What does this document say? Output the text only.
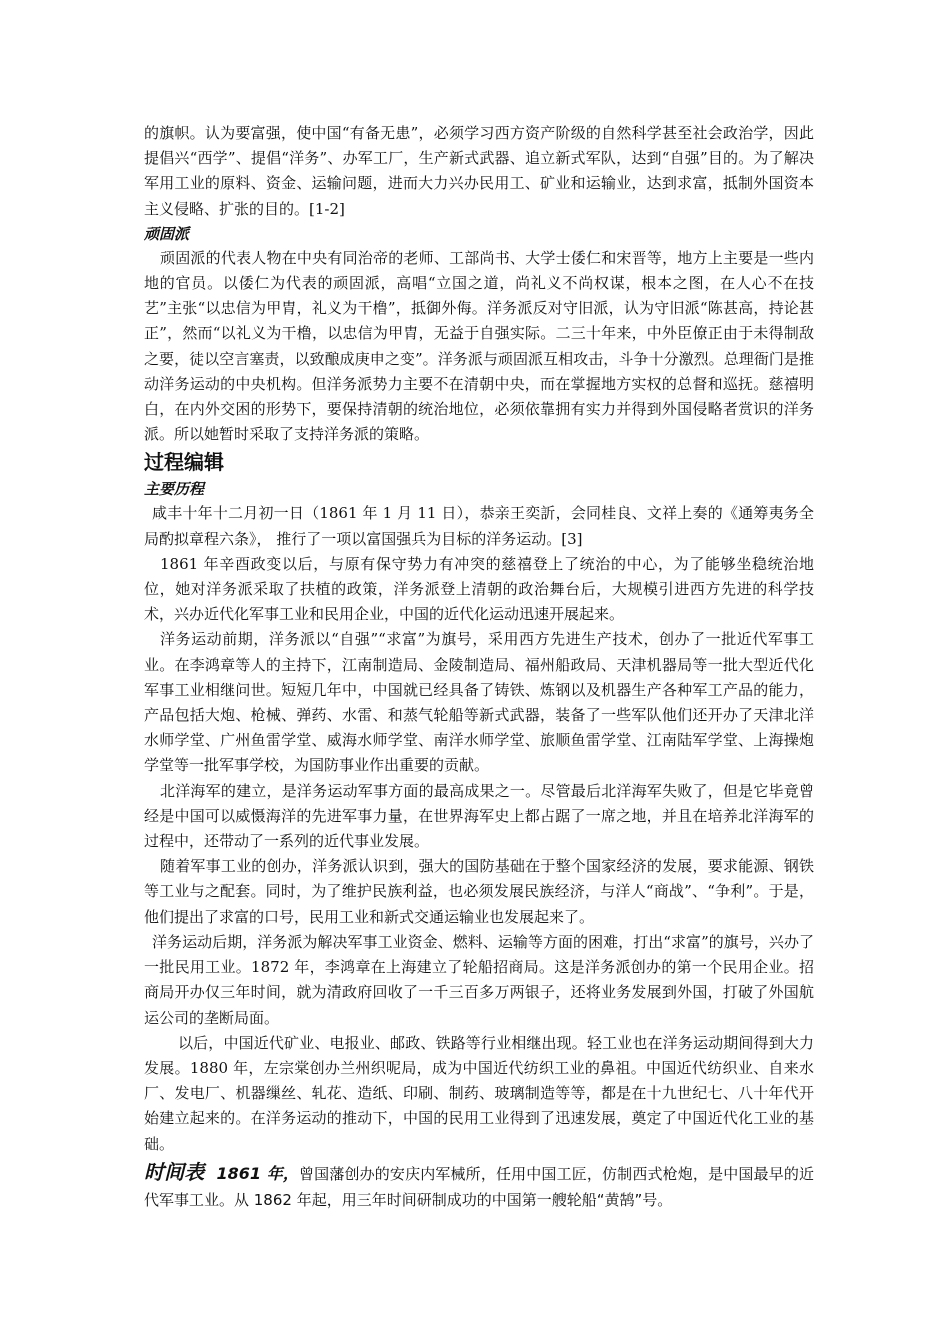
的旗帜。认为要富强，使中国“有备无患”，必须学习西方资产阶级的自然科学甚至社会政治学，因此提倡兴“西学”、提倡“洋务”、办军工厂，生产新式武器、追立新式军队，达到“自强”目的。为了解决军用工业的原料、资金、运输问题，进而大力兴办民用工、矿业和运输业，达到求富，抵制外国资本主义侵略、扩张的目的。[1-2]

顽固派

顽固派的代表人物在中央有同治帝的老师、工部尚书、大学士倭仁和宋晋等，地方上主要是一些内地的官员。以倭仁为代表的顽固派，高唱“立国之道，尚礼义不尚权谋，根本之图，在人心不在技艺”主张“以忠信为甲胄，礼义为干橹”，抵御外侮。洋务派反对守旧派，认为守旧派“陈甚高，持论甚正”，然而“以礼义为干橹，以忠信为甲胄，无益于自强实际。二三十年来，中外臣僚正由于未得制敌之要，徒以空言塞责，以致酿成庚申之变”。洋务派与顽固派互相攻击，斗争十分激烈。总理衙门是推动洋务运动的中央机构。但洋务派势力主要不在清朝中央，而在掌握地方实权的总督和巡抚。慈禧明白，在内外交困的形势下，要保持清朝的统治地位，必须依靠拥有实力并得到外国侵略者赏识的洋务派。所以她暂时采取了支持洋务派的策略。

过程编辑

主要历程

咸丰十年十二月初一日（1861 年 1 月 11 日），恭亲王奕訢，会同桂良、文祥上奏的《通筹夷务全局酌拟章程六条》， 推行了一项以富国强兵为目标的洋务运动。[3]

1861 年辛酉政变以后，与原有保守势力有冲突的慈禧登上了统治的中心，为了能够坐稳统治地位，她对洋务派采取了扶植的政策，洋务派登上清朝的政治舞台后，大规模引进西方先进的科学技术，兴办近代化军事工业和民用企业，中国的近代化运动迅速开展起来。

洋务运动前期，洋务派以“自强”“求富”为旗号，采用西方先进生产技术，创办了一批近代军事工业。在李鸿章等人的主持下，江南制造局、金陵制造局、福州船政局、天津机器局等一批大型近代化军事工业相继问世。短短几年中，中国就已经具备了铸铁、炼钢以及机器生产各种军工产品的能力，产品包括大炮、枪械、弹药、水雷、和蒸气轮船等新式武器，装备了一些军队他们还开办了天津北洋水师学堂、广州鱼雷学堂、威海水师学堂、南洋水师学堂、旅顺鱼雷学堂、江南陆军学堂、上海操炮学堂等一批军事学校，为国防事业作出重要的贡献。

北洋海军的建立，是洋务运动军事方面的最高成果之一。尽管最后北洋海军失败了，但是它毕竟曾经是中国可以威慑海洋的先进军事力量，在世界海军史上都占踞了一席之地，并且在培养北洋海军的过程中，还带动了一系列的近代事业发展。

随着军事工业的创办，洋务派认识到，强大的国防基础在于整个国家经济的发展，要求能源、钢铁等工业与之配套。同时，为了维护民族利益，也必须发展民族经济，与洋人“商战”、“争利”。于是，他们提出了求富的口号，民用工业和新式交通运输业也发展起来了。

洋务运动后期，洋务派为解决军事工业资金、燃料、运输等方面的困难，打出“求富”的旗号，兴办了一批民用工业。1872 年，李鸿章在上海建立了轮船招商局。这是洋务派创办的第一个民用企业。招商局开办仅三年时间，就为清政府回收了一千三百多万两银子，还将业务发展到外国，打破了外国航运公司的垄断局面。

以后，中国近代矿业、电报业、邮政、铁路等行业相继出现。轻工业也在洋务运动期间得到大力发展。1880 年，左宗棠创办兰州织呢局，成为中国近代纺织工业的鼻祖。中国近代纺织业、自来水厂、发电厂、机器缫丝、轧花、造纸、印刷、制药、玻璃制造等等，都是在十九世纪七、八十年代开始建立起来的。在洋务运动的推动下，中国的民用工业得到了迅速发展，奠定了中国近代化工业的基础。

时间表 1861 年，曾国藩创办的安庆内军械所，任用中国工匠，仿制西式枪炮，是中国最早的近代军事工业。从 1862 年起，用三年时间研制成功的中国第一艘轮船“黄鹄”号。
